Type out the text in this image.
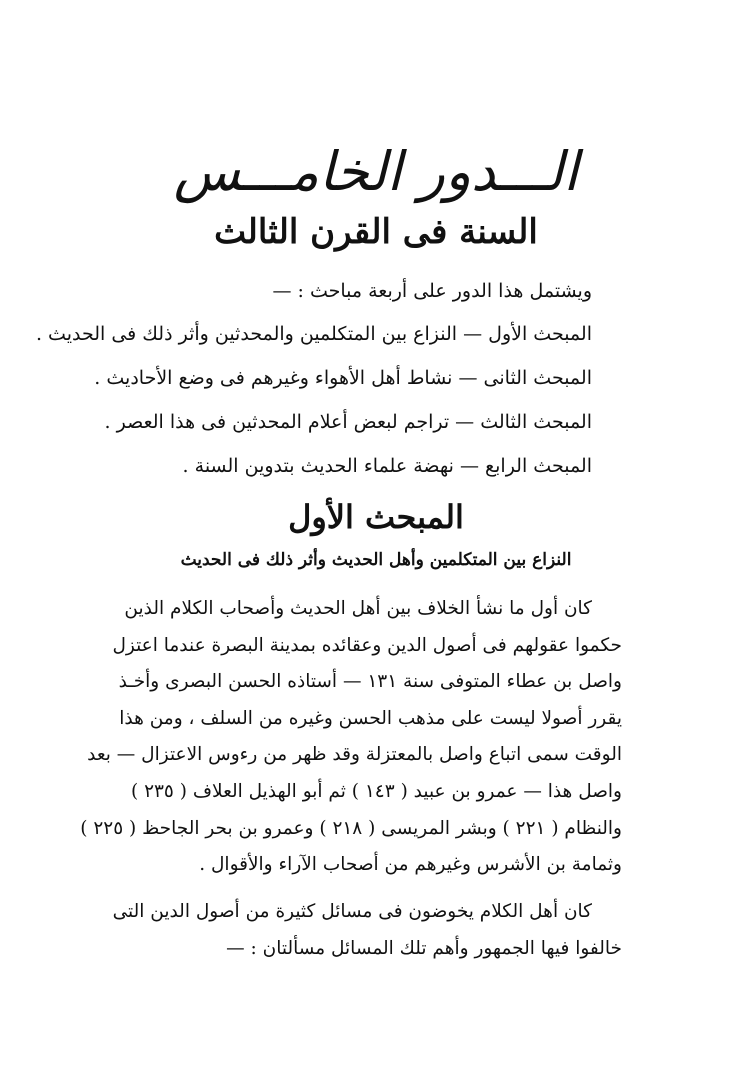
الـــدور الخامـــس
السنة فى القرن الثالث
ويشتمل هذا الدور على أربعة مباحث : —
المبحث الأول — النزاع بين المتكلمين والمحدثين وأثر ذلك فى الحديث .
المبحث الثانى — نشاط أهل الأهواء وغيرهم فى وضع الأحاديث .
المبحث الثالث — تراجم لبعض أعلام المحدثين فى هذا العصر .
المبحث الرابع — نهضة علماء الحديث بتدوين السنة .
المبحث الأول
النزاع بين المتكلمين وأهل الحديث وأثر ذلك فى الحديث
كان أول ما نشأ الخلاف بين أهل الحديث وأصحاب الكلام الذين
حكموا عقولهم فى أصول الدين وعقائده بمدينة البصرة عندما اعتزل
واصل بن عطاء المتوفى سنة ١٣١ — أستاذه الحسن البصرى وأخـذ
يقرر أصولا ليست على مذهب الحسن وغيره من السلف ، ومن هذا
الوقت سمى اتباع واصل بالمعتزلة وقد ظهر من رءوس الاعتزال — بعد
واصل هذا — عمرو بن عبيد ( ١٤٣ ) ثم أبو الهذيل العلاف ( ٢٣٥ )
والنظام ( ٢٢١ ) وبشر المريسى ( ٢١٨ ) وعمرو بن بحر الجاحظ ( ٢٢٥ )
وثمامة بن الأشرس وغيرهم من أصحاب الآراء والأقوال .
كان أهل الكلام يخوضون فى مسائل كثيرة من أصول الدين التى
خالفوا فيها الجمهور وأهم تلك المسائل مسألتان : —
